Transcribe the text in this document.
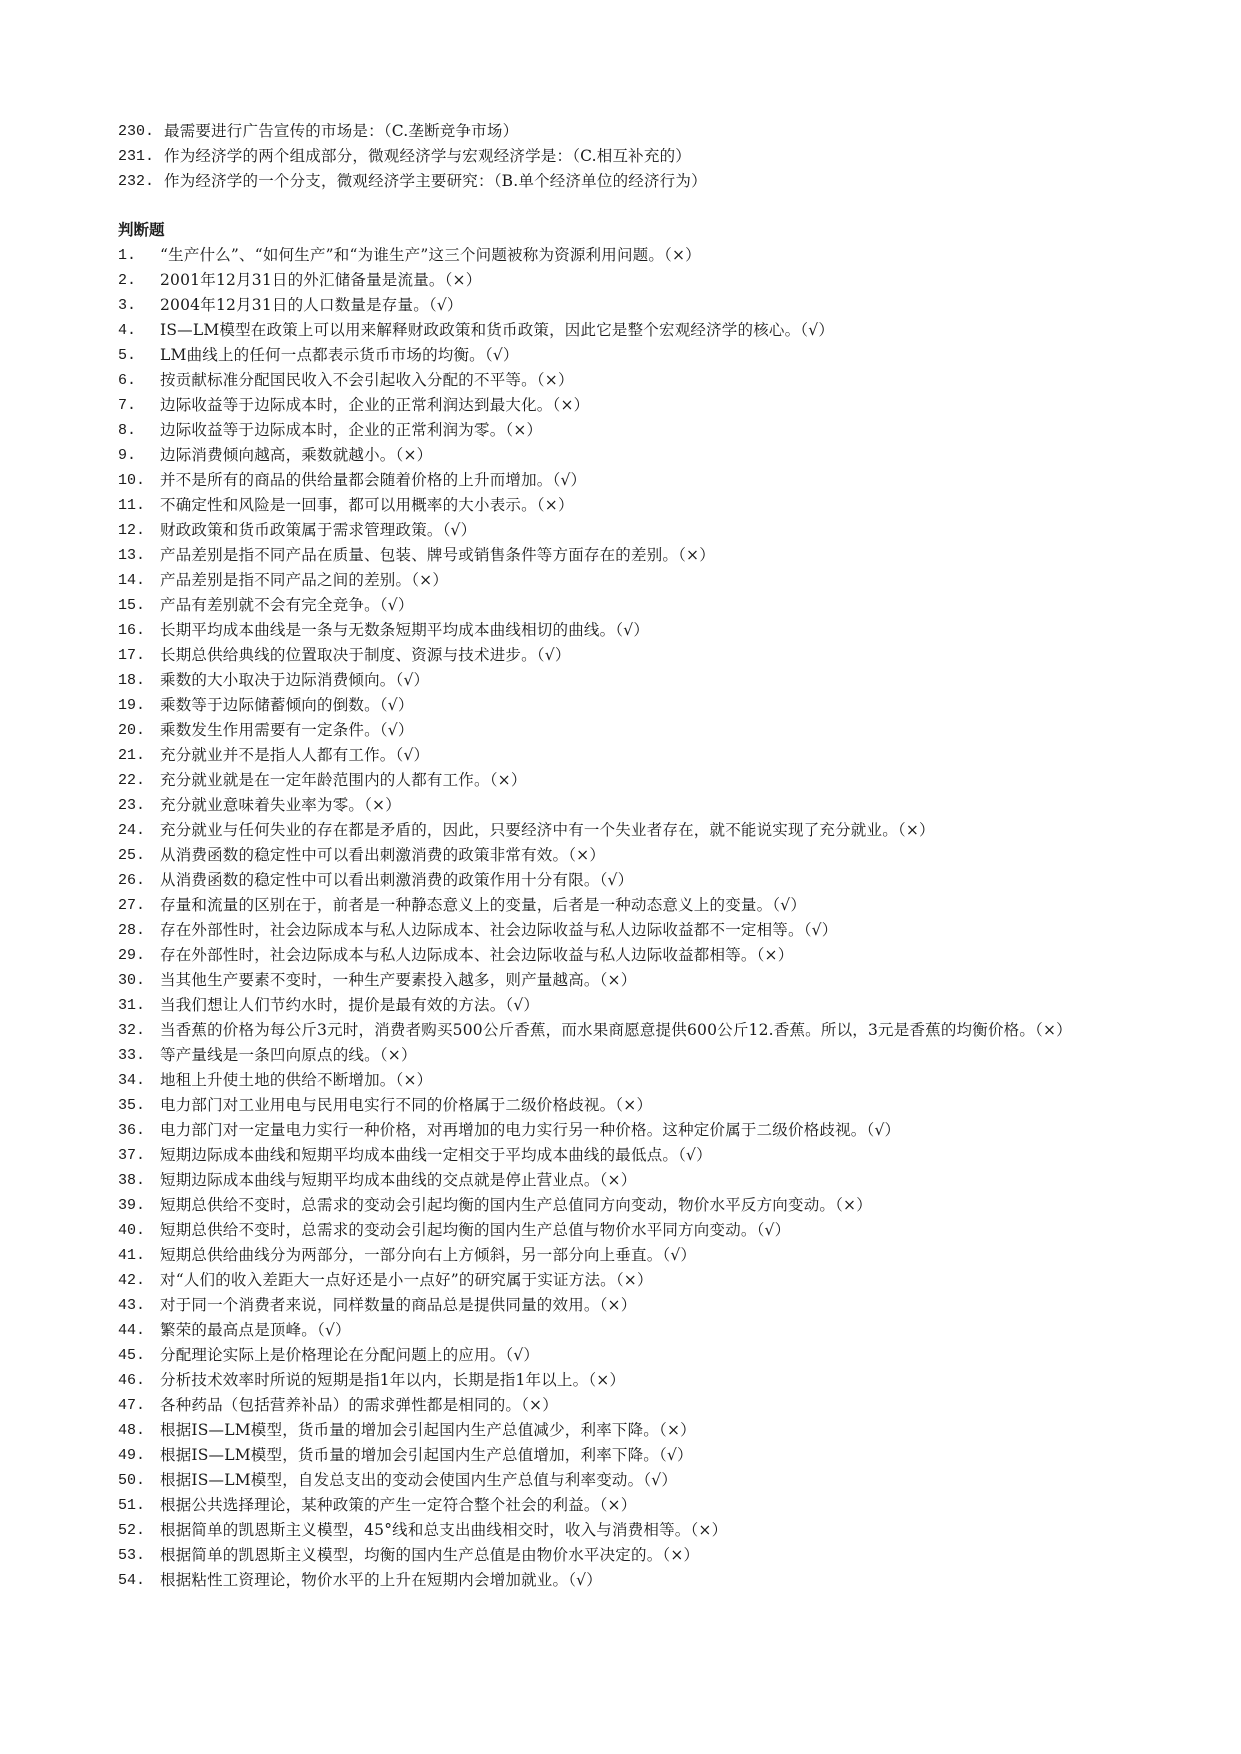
230. 最需要进行广告宣传的市场是：（C.垄断竞争市场）
231. 作为经济学的两个组成部分，微观经济学与宏观经济学是：（C.相互补充的）
232. 作为经济学的一个分支，微观经济学主要研究：（B.单个经济单位的经济行为）
判断题
1.	“生产什么”、“如何生产”和“为谁生产”这三个问题被称为资源利用问题。（×）
2.	2001年12月31日的外汇储备量是流量。（×）
3.	2004年12月31日的人口数量是存量。（√）
4.	IS—LM模型在政策上可以用来解释财政政策和货币政策，因此它是整个宏观经济学的核心。（√）
5.	LM曲线上的任何一点都表示货币市场的均衡。（√）
6.	按贡献标准分配国民收入不会引起收入分配的不平等。（×）
7.	边际收益等于边际成本时，企业的正常利润达到最大化。（×）
8.	边际收益等于边际成本时，企业的正常利润为零。（×）
9.	边际消费倾向越高，乘数就越小。（×）
10. 并不是所有的商品的供给量都会随着价格的上升而增加。（√）
11. 不确定性和风险是一回事，都可以用概率的大小表示。（×）
12. 财政政策和货币政策属于需求管理政策。（√）
13. 产品差别是指不同产品在质量、包装、牌号或销售条件等方面存在的差别。（×）
14. 产品差别是指不同产品之间的差别。（×）
15. 产品有差别就不会有完全竞争。（√）
16. 长期平均成本曲线是一条与无数条短期平均成本曲线相切的曲线。（√）
17. 长期总供给典线的位置取决于制度、资源与技术进步。（√）
18. 乘数的大小取决于边际消费倾向。（√）
19. 乘数等于边际储蓄倾向的倒数。（√）
20. 乘数发生作用需要有一定条件。（√）
21. 充分就业并不是指人人都有工作。（√）
22. 充分就业就是在一定年龄范围内的人都有工作。（×）
23. 充分就业意味着失业率为零。（×）
24. 充分就业与任何失业的存在都是矛盾的，因此，只要经济中有一个失业者存在，就不能说实现了充分就业。（×）
25. 从消费函数的稳定性中可以看出刺激消费的政策非常有效。（×）
26. 从消费函数的稳定性中可以看出刺激消费的政策作用十分有限。（√）
27. 存量和流量的区别在于，前者是一种静态意义上的变量，后者是一种动态意义上的变量。（√）
28. 存在外部性时，社会边际成本与私人边际成本、社会边际收益与私人边际收益都不一定相等。（√）
29. 存在外部性时，社会边际成本与私人边际成本、社会边际收益与私人边际收益都相等。（×）
30. 当其他生产要素不变时，一种生产要素投入越多，则产量越高。（×）
31. 当我们想让人们节约水时，提价是最有效的方法。（√）
32. 当香蕉的价格为每公斤3元时，消费者购买500公斤香蕉，而水果商愿意提供600公斤12.香蕉。所以，3元是香蕉的均衡价格。（×）
33. 等产量线是一条凹向原点的线。（×）
34. 地租上升使土地的供给不断增加。（×）
35. 电力部门对工业用电与民用电实行不同的价格属于二级价格歧视。（×）
36. 电力部门对一定量电力实行一种价格，对再增加的电力实行另一种价格。这种定价属于二级价格歧视。（√）
37. 短期边际成本曲线和短期平均成本曲线一定相交于平均成本曲线的最低点。（√）
38. 短期边际成本曲线与短期平均成本曲线的交点就是停止营业点。（×）
39. 短期总供给不变时，总需求的变动会引起均衡的国内生产总值同方向变动，物价水平反方向变动。（×）
40. 短期总供给不变时，总需求的变动会引起均衡的国内生产总值与物价水平同方向变动。（√）
41. 短期总供给曲线分为两部分，一部分向右上方倾斜，另一部分向上垂直。（√）
42. 对“人们的收入差距大一点好还是小一点好”的研究属于实证方法。（×）
43. 对于同一个消费者来说，同样数量的商品总是提供同量的效用。（×）
44. 繁荣的最高点是顶峰。（√）
45. 分配理论实际上是价格理论在分配问题上的应用。（√）
46. 分析技术效率时所说的短期是指1年以内，长期是指1年以上。（×）
47. 各种药品（包括营养补品）的需求弹性都是相同的。（×）
48. 根据IS—LM模型，货币量的增加会引起国内生产总值减少，利率下降。（×）
49. 根据IS—LM模型，货币量的增加会引起国内生产总值增加，利率下降。（√）
50. 根据IS—LM模型，自发总支出的变动会使国内生产总值与利率变动。（√）
51. 根据公共选择理论，某种政策的产生一定符合整个社会的利益。（×）
52. 根据简单的凯恩斯主义模型，45°线和总支出曲线相交时，收入与消费相等。（×）
53. 根据简单的凯恩斯主义模型，均衡的国内生产总值是由物价水平决定的。（×）
54. 根据粘性工资理论，物价水平的上升在短期内会增加就业。（√）
